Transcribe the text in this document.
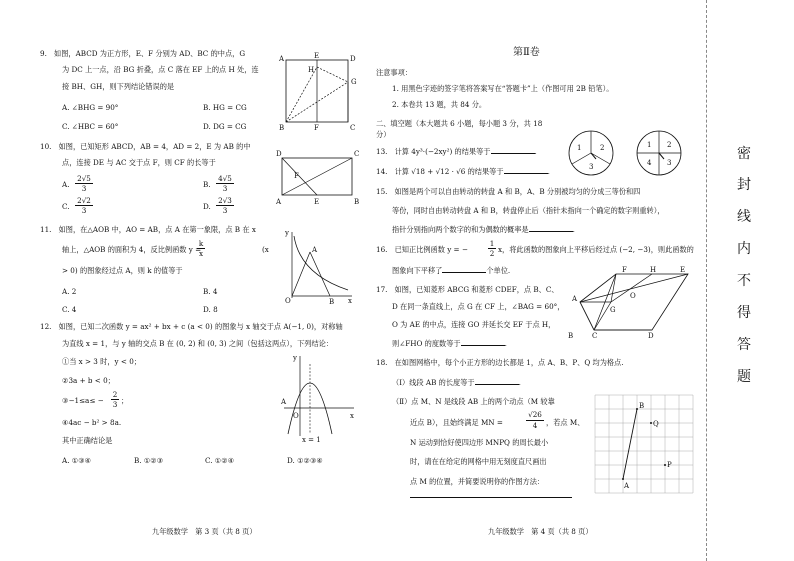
9.　如图，ABCD 为正方形，E、F 分别为 AD、BC 的中点，G
为 DC 上一点，沿 BG 折叠，点 C 落在 EF 上的点 H 处，连
接 BH、GH，则下列结论错误的是
A. ∠BHG = 90°	B. HG = CG
C. ∠HBC = 60°	D. DG = CG
A	E	D
H
G
B	F	C
10.　如图，已知矩形 ABCD，AB = 4，AD = 2，E 为 AB 的中
点，连接 DE 与 AC 交于点 F，则 CF 的长等于
A.
2√5
3	B.
4√5
3
C.
2√2
3	D.
2√3
3
D	C
F
A	E	B
11.　如图，在△AOB 中，AO = AB，点 A 在第一象限，点 B 在 x
轴上，△AOB 的面积为 4，反比例函数 y =
k
x	(x
> 0) 的图象经过点 A，则 k 的值等于
A. 2	B. 4
C. 4	D. 8
y
A
O	B x
12.　如图，已知二次函数 y = ax² + bx + c (a < 0) 的图象与 x 轴交于点 A(−1, 0)，对称轴
为直线 x = 1，与 y 轴的交点 B 在 (0, 2) 和 (0, 3) 之间（包括这两点），下列结论：
①当 x > 3 时，y < 0；
②3a + b < 0；
③−1≤a≤ −
2
3 ；
④4ac − b² > 8a.
其中正确结论是
A. ①③④	B. ①②③	C. ①②④	D. ①②③④
y
A
O	x
x = 1
九年级数学　第 3 页（共 8 页）
第Ⅱ卷
注意事项：
1. 用黑色字迹的签字笔将答案写在“答题卡”上（作图可用 2B 铅笔）。
2. 本卷共 13 题，共 84 分。
二、填空题（本大题共 6 小题，每小题 3 分，共 18
分）
13.　计算 4y³·(−2xy²) 的结果等于	.
14.　计算 √18 + √12 · √6 的结果等于	.
1	2
3
1 2
3
4
15.　如图是两个可以自由转动的转盘 A 和 B，A、B 分别被均匀的分成三等份和四
等份，同时自由转动转盘 A 和 B，转盘停止后（指针未指向一个确定的数字则重转），
指针分别指向两个数字的和为偶数的概率是	.
16.　已知正比例函数 y = −
1
2 x，将此函数的图象向上平移后经过点 (−2, −3)，则此函数的
图象向下平移了	个单位.
17.　如图，已知菱形 ABCG 和菱形 CDEF，点 B、C、
D 在同一条直线上，点 G 在 CF 上，∠BAG = 60°，
O 为 AE 的中点，连接 GO 并延长交 EF 于点 H，
则∠FHO 的度数等于	.
F	H	E
A	O
G
B	C	D
18.　在如图网格中，每个小正方形的边长都是 1，点 A、B、P、Q 均为格点.
（Ⅰ）线段 AB 的长度等于	.
（Ⅱ）点 M、N 是线段 AB 上的两个动点（M 较靠
近点 B），且始终满足 MN =
√26
4	，若点 M、
N 运动到恰好使四边形 MNPQ 的周长最小
时，请在在给定的网格中用无刻度直尺画出
点 M 的位置，并简要说明你的作图方法：
B
Q
P
A
九年级数学　第 4 页（共 8 页）
密
封
线
内
不
得
答
题
